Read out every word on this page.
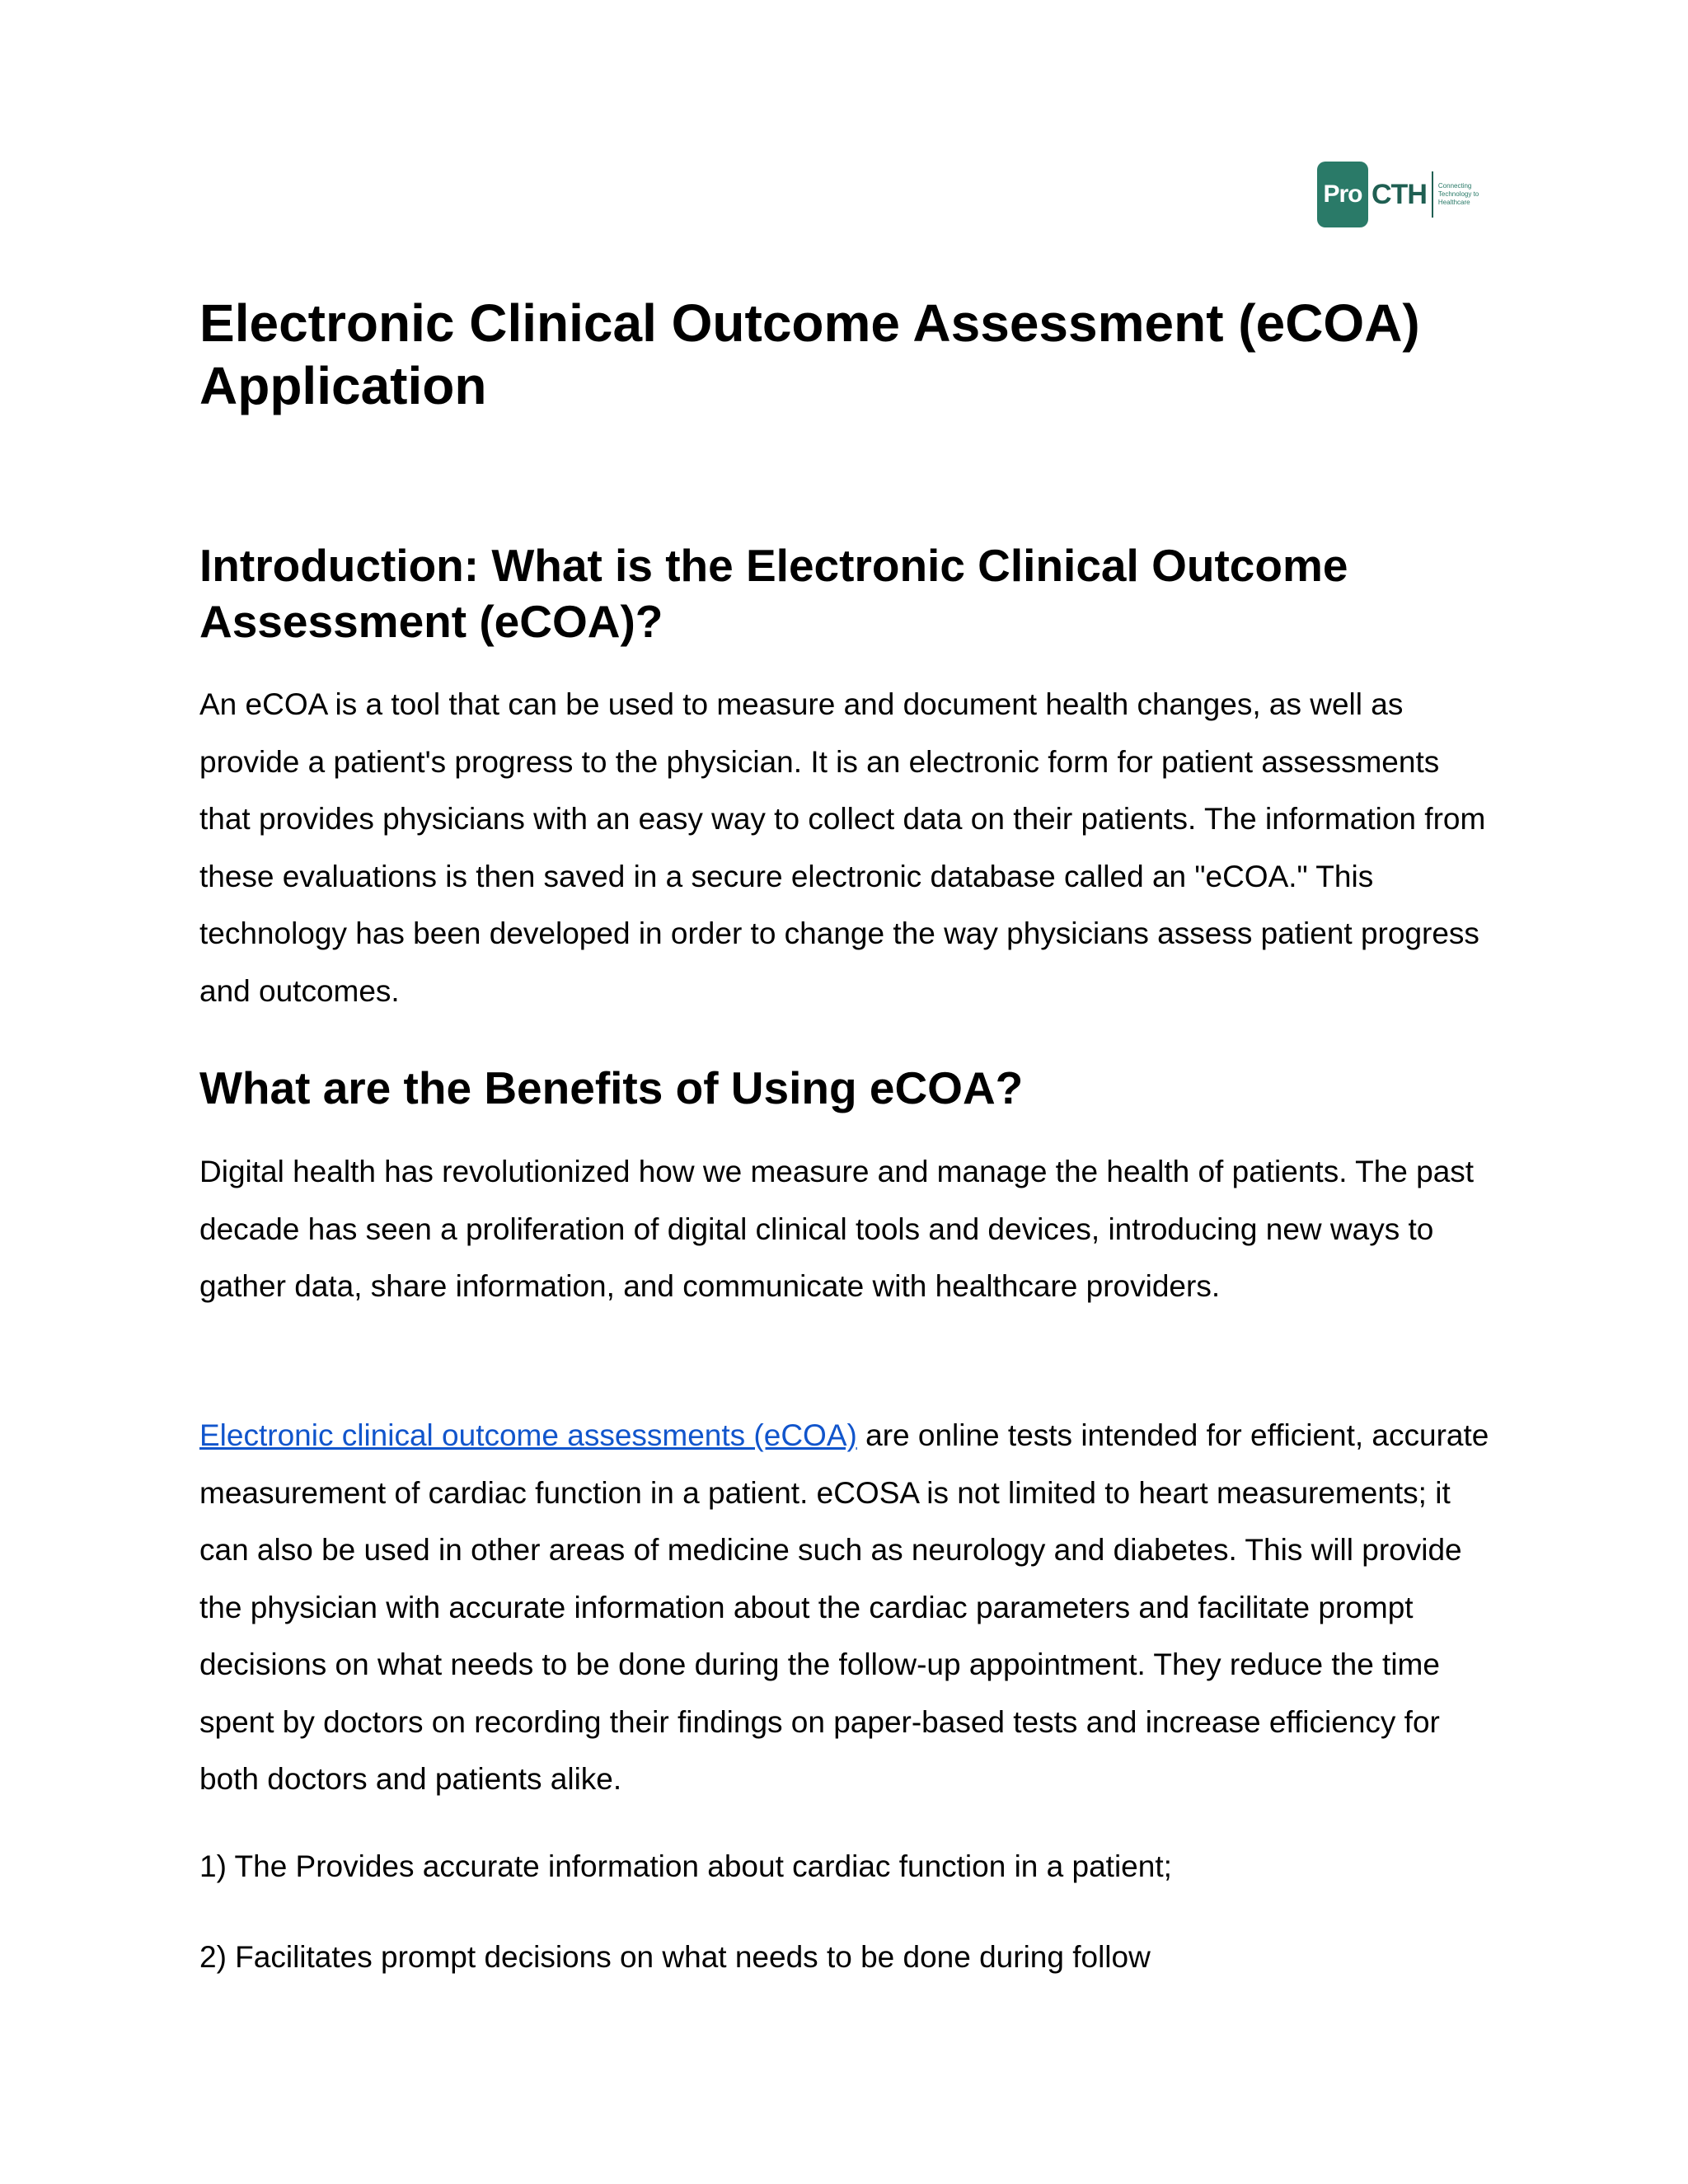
Pro CTH Connecting
Technology to
Healthcare
Electronic Clinical Outcome Assessment (eCOA) Application
Introduction: What is the Electronic Clinical Outcome Assessment (eCOA)?

An eCOA is a tool that can be used to measure and document health changes, as well as provide a patient's progress to the physician. It is an electronic form for patient assessments that provides physicians with an easy way to collect data on their patients. The information from these evaluations is then saved in a secure electronic database called an "eCOA." This technology has been developed in order to change the way physicians assess patient progress and outcomes.

What are the Benefits of Using eCOA?

Digital health has revolutionized how we measure and manage the health of patients. The past decade has seen a proliferation of digital clinical tools and devices, introducing new ways to gather data, share information, and communicate with healthcare providers.

Electronic clinical outcome assessments (eCOA) are online tests intended for efficient, accurate measurement of cardiac function in a patient. eCOSA is not limited to heart measurements; it can also be used in other areas of medicine such as neurology and diabetes. This will provide the physician with accurate information about the cardiac parameters and facilitate prompt decisions on what needs to be done during the follow-up appointment. They reduce the time spent by doctors on recording their findings on paper-based tests and increase efficiency for both doctors and patients alike.

1) The Provides accurate information about cardiac function in a patient;

2) Facilitates prompt decisions on what needs to be done during follow
